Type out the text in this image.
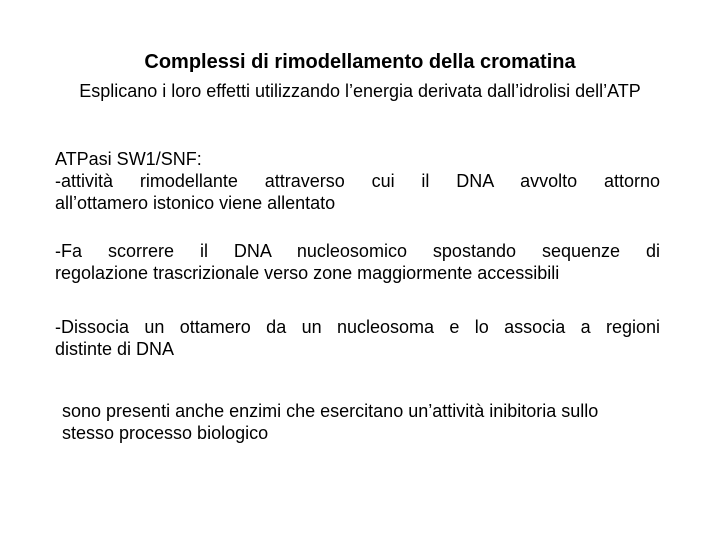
Complessi di rimodellamento della cromatina

Esplicano i loro effetti utilizzando l’energia derivata dall’idrolisi dell’ATP

ATPasi SW1/SNF:
-attività rimodellante attraverso cui il DNA avvolto attorno
all’ottamero istonico viene allentato
-Fa scorrere il DNA nucleosomico spostando sequenze di
regolazione trascrizionale verso zone maggiormente accessibili
-Dissocia un ottamero da un nucleosoma e lo associa a regioni
distinte di DNA
sono presenti anche enzimi che esercitano un’attività inibitoria sullo
stesso processo biologico
